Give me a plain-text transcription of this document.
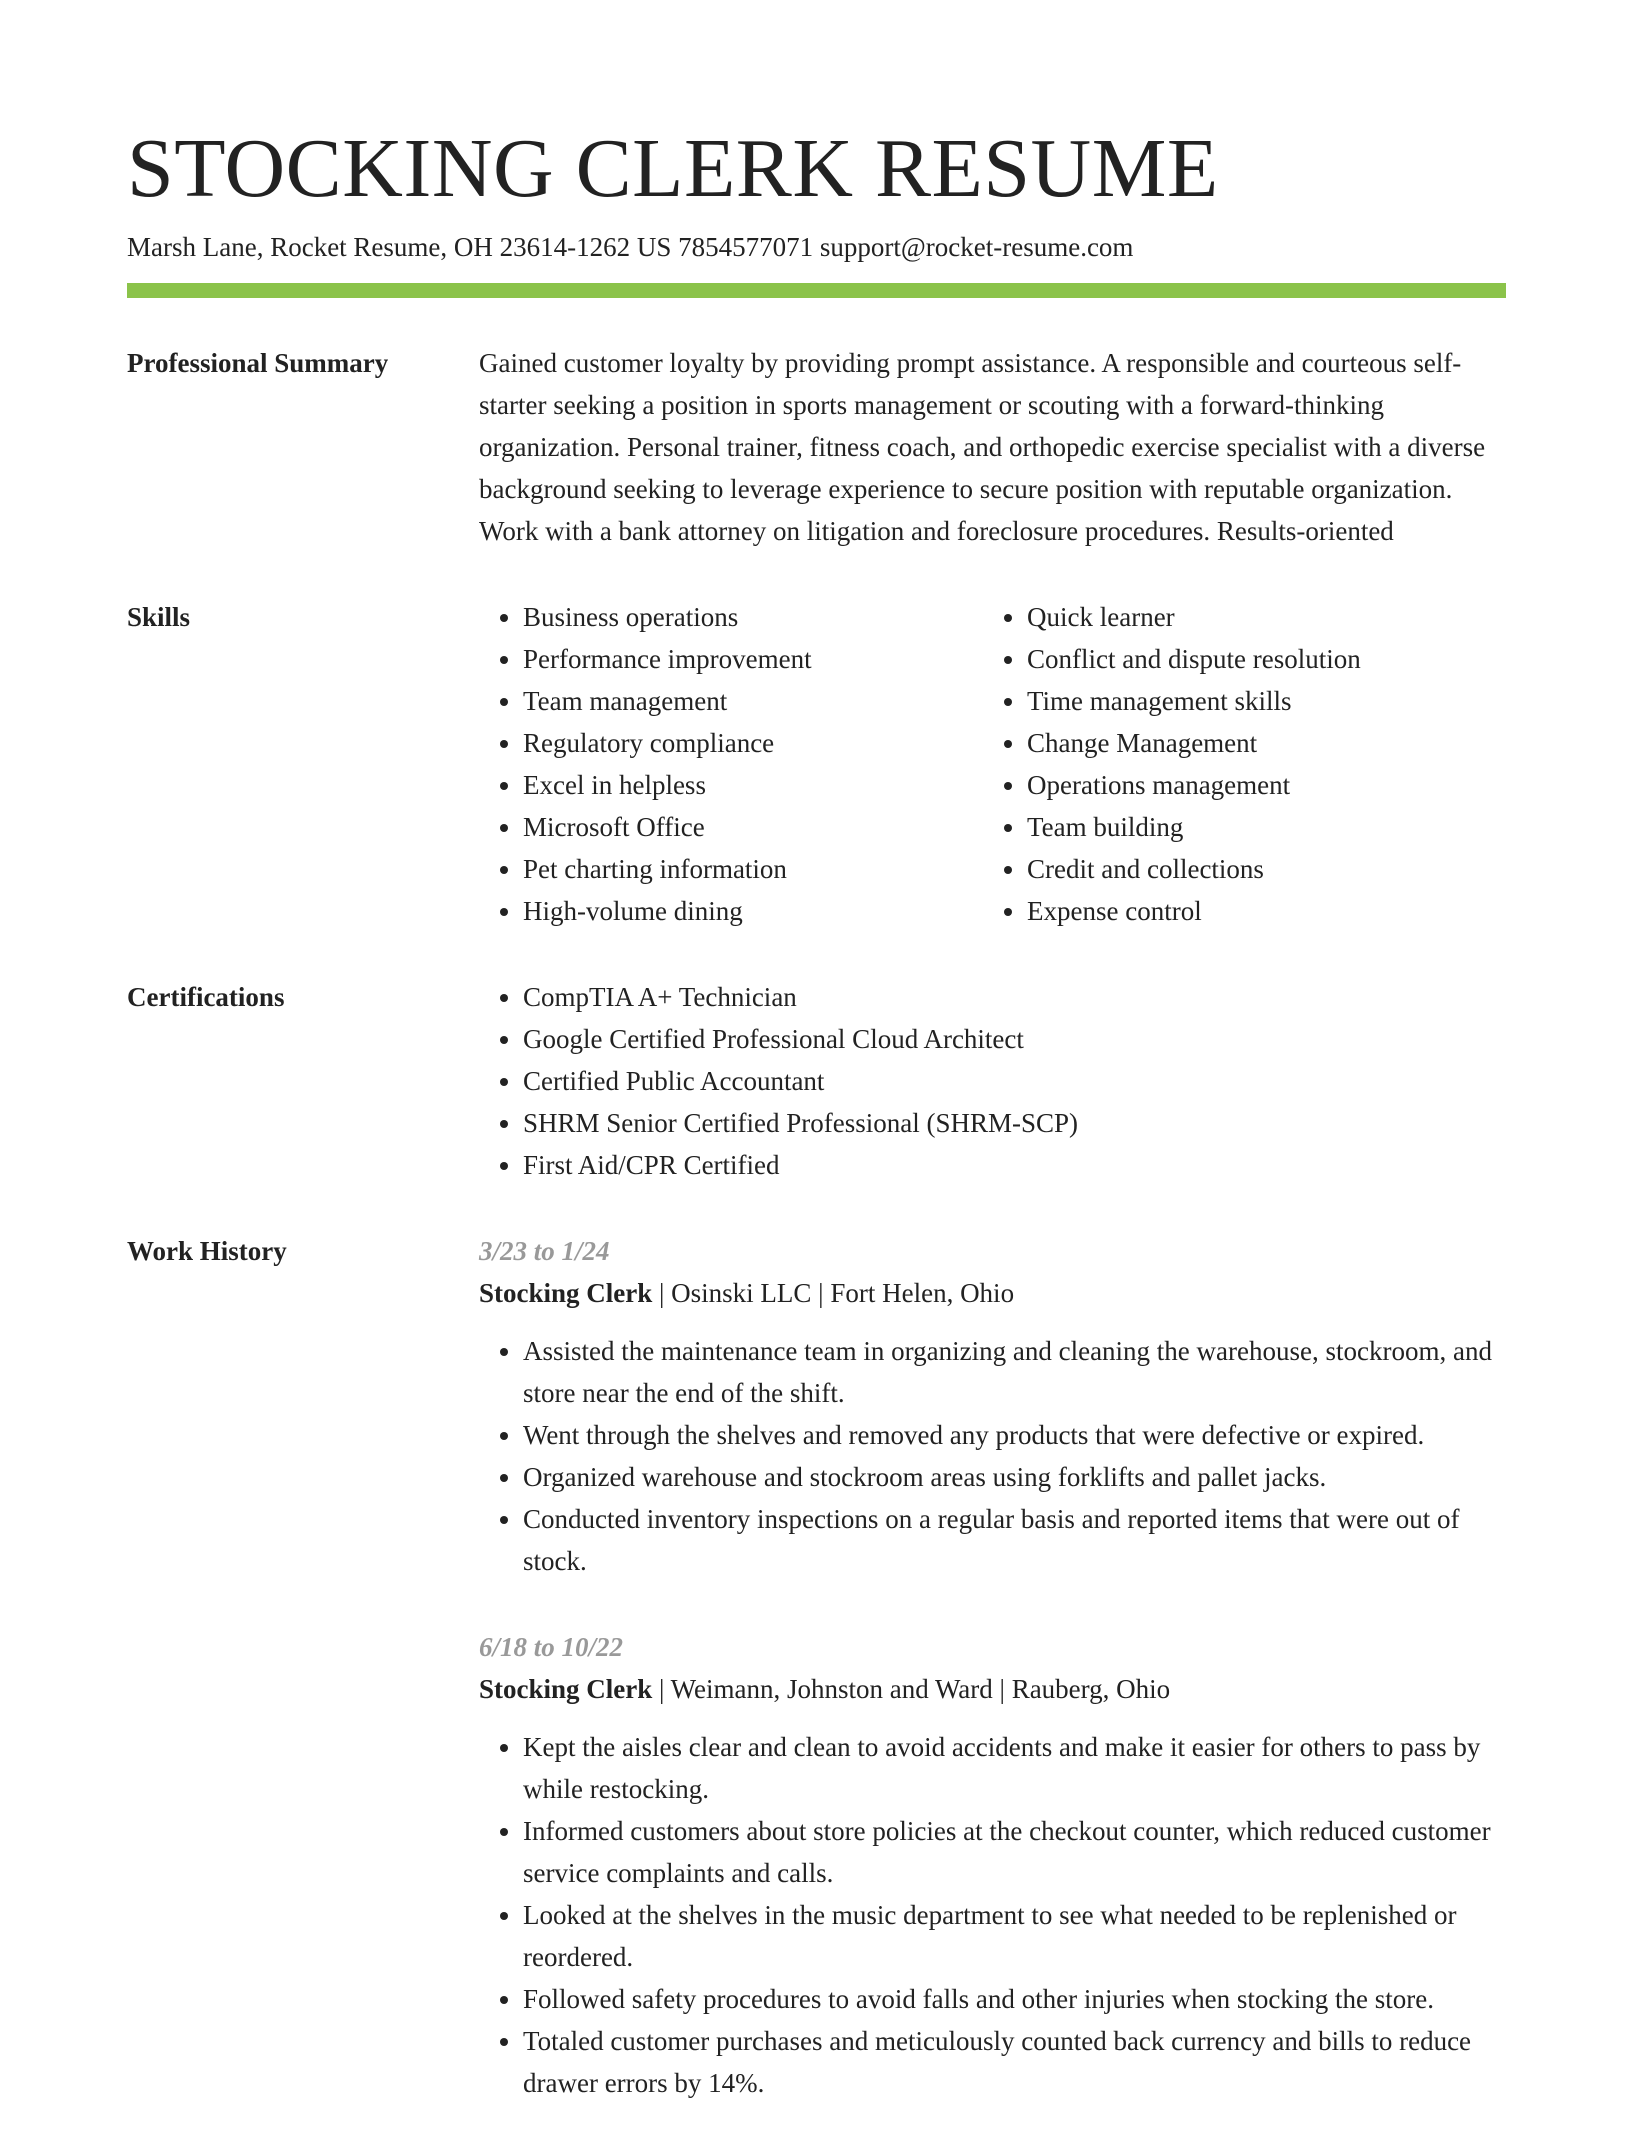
STOCKING CLERK RESUME
Marsh Lane, Rocket Resume, OH 23614-1262 US 7854577071 support@rocket-resume.com
Professional Summary	Gained customer loyalty by providing prompt assistance. A responsible and courteous self-starter seeking a position in sports management or scouting with a forward-thinking organization. Personal trainer, fitness coach, and orthopedic exercise specialist with a diverse background seeking to leverage experience to secure position with reputable organization. Work with a bank attorney on litigation and foreclosure procedures. Results-oriented

Skills	• Business operations
• Performance improvement
• Team management
• Regulatory compliance
• Excel in helpless
• Microsoft Office
• Pet charting information
• High-volume dining
• Quick learner
• Conflict and dispute resolution
• Time management skills
• Change Management
• Operations management
• Team building
• Credit and collections
• Expense control
Certifications	• CompTIA A+ Technician
• Google Certified Professional Cloud Architect
• Certified Public Accountant
• SHRM Senior Certified Professional (SHRM-SCP)
• First Aid/CPR Certified
Work History	3/23 to 1/24
Stocking Clerk | Osinski LLC | Fort Helen, Ohio
• Assisted the maintenance team in organizing and cleaning the warehouse, stockroom, and store near the end of the shift.
• Went through the shelves and removed any products that were defective or expired.
• Organized warehouse and stockroom areas using forklifts and pallet jacks.
• Conducted inventory inspections on a regular basis and reported items that were out of stock.
6/18 to 10/22
Stocking Clerk | Weimann, Johnston and Ward | Rauberg, Ohio
• Kept the aisles clear and clean to avoid accidents and make it easier for others to pass by while restocking.
• Informed customers about store policies at the checkout counter, which reduced customer service complaints and calls.
• Looked at the shelves in the music department to see what needed to be replenished or reordered.
• Followed safety procedures to avoid falls and other injuries when stocking the store.
• Totaled customer purchases and meticulously counted back currency and bills to reduce drawer errors by 14%.
